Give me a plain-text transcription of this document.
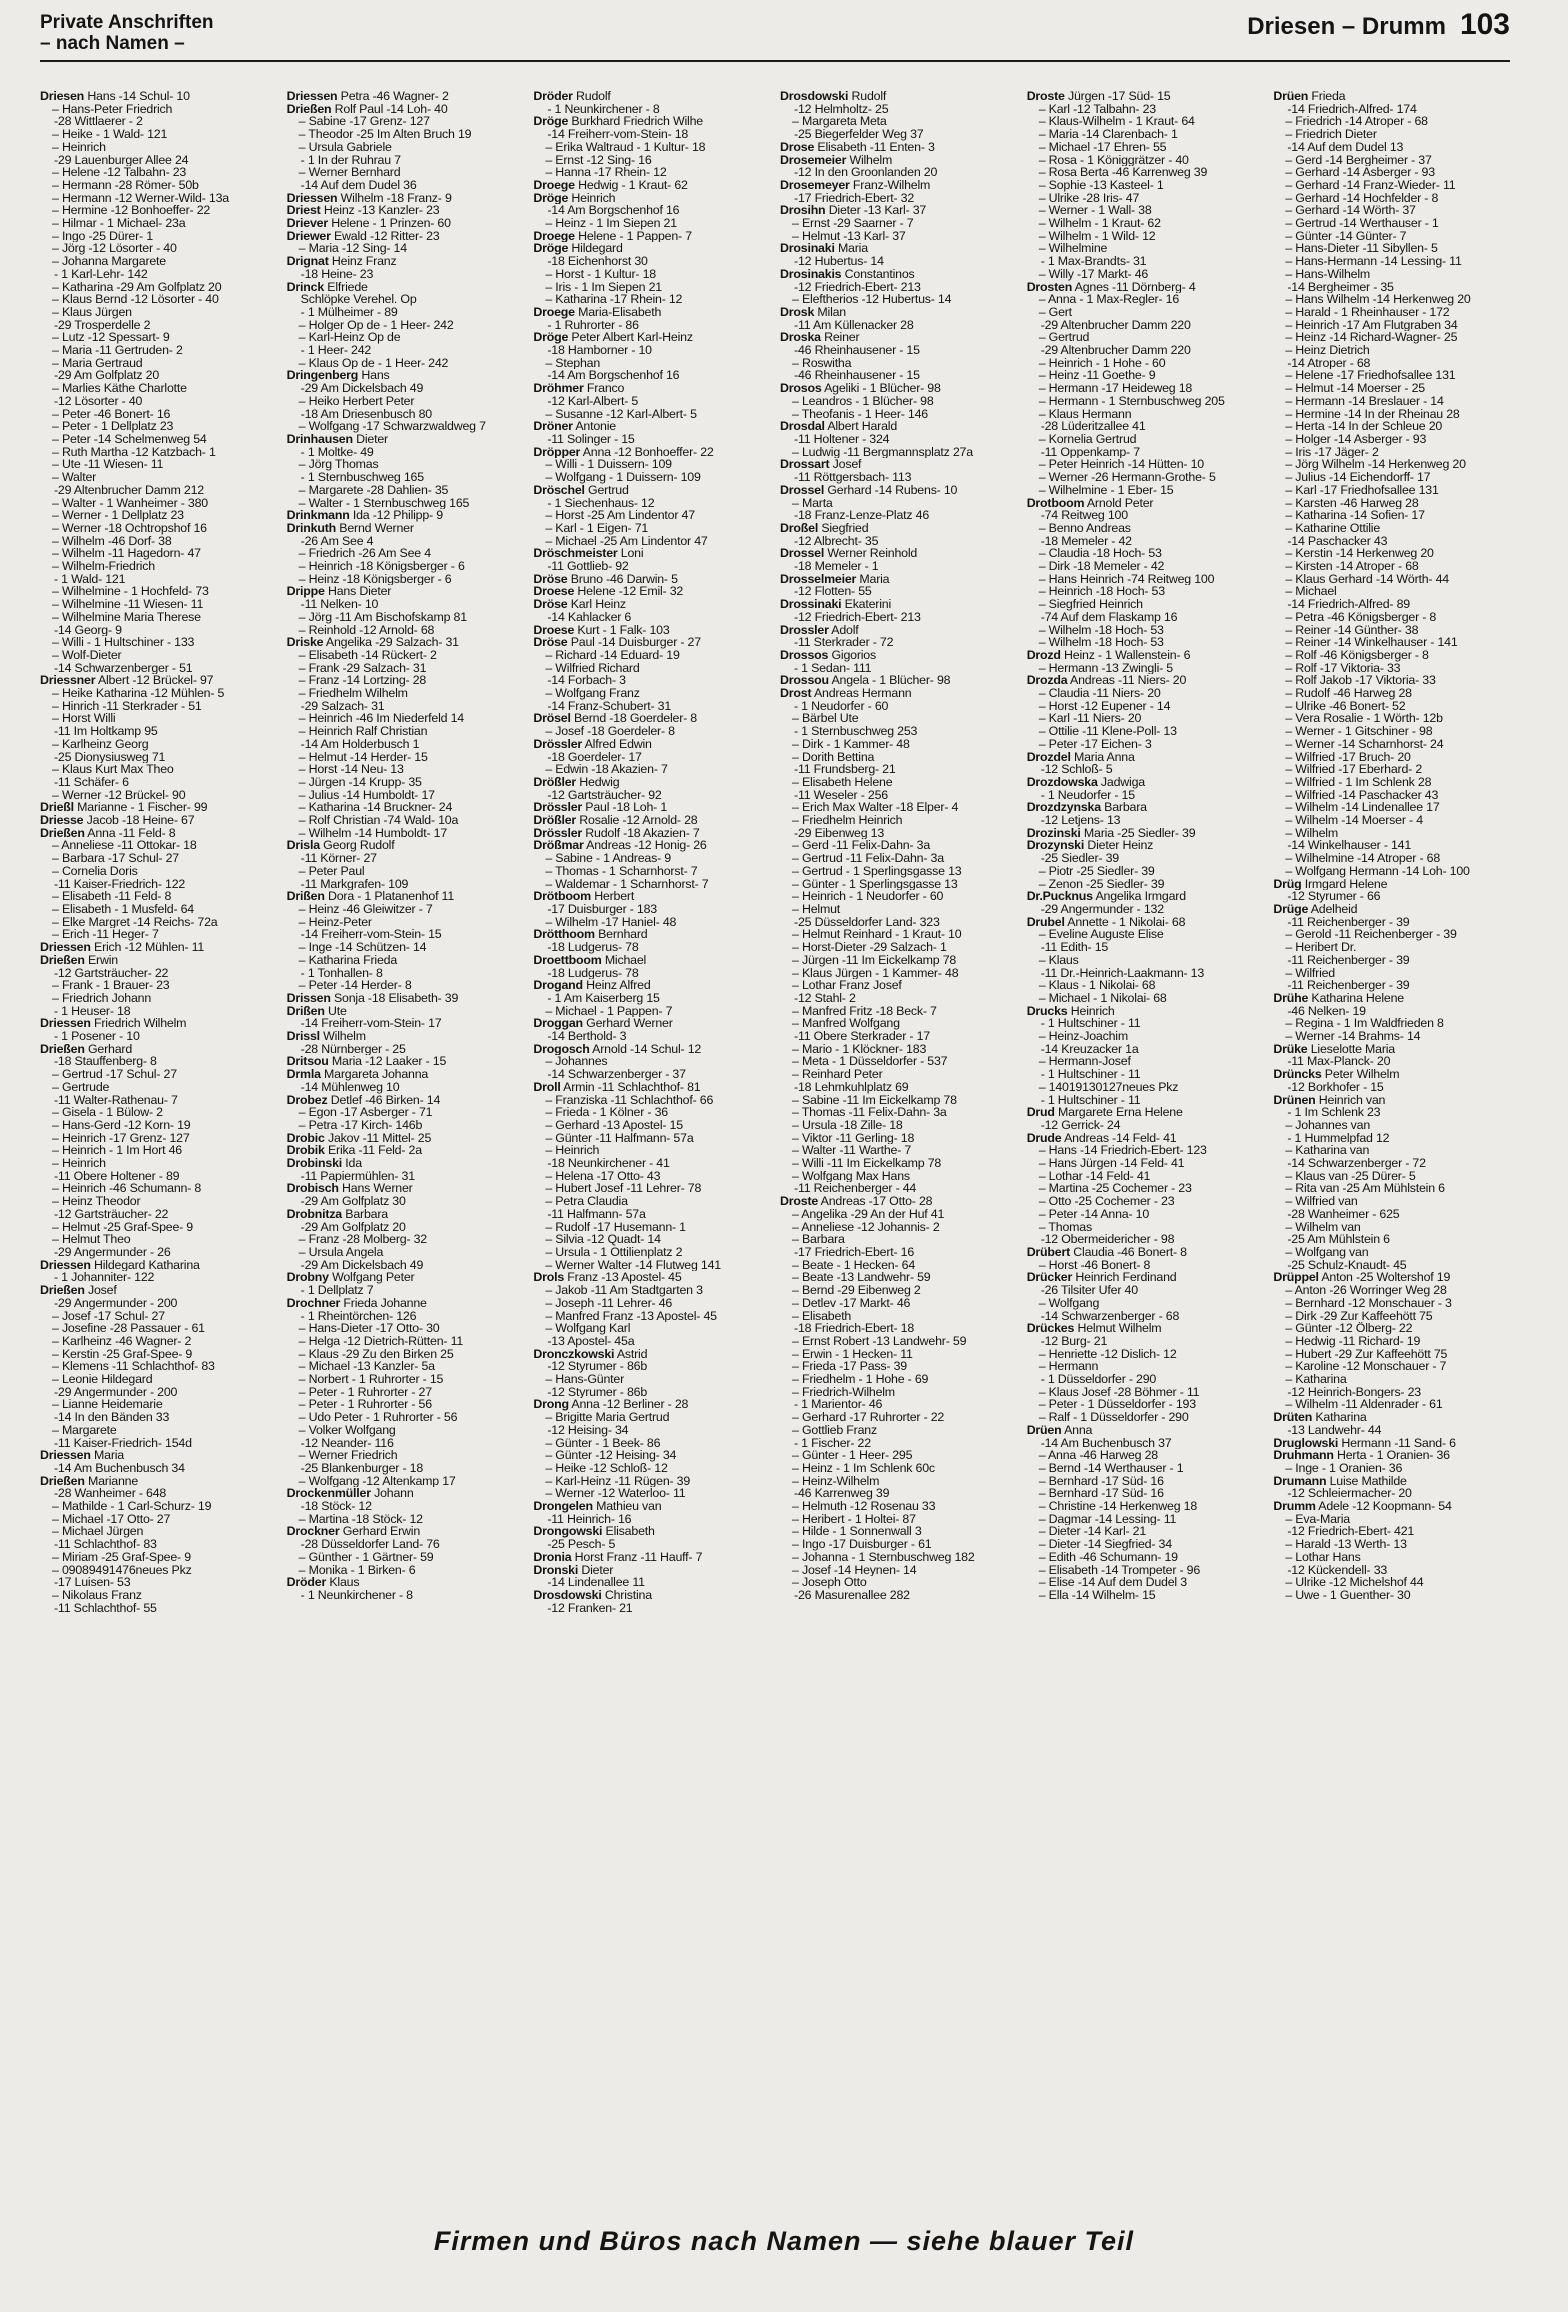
Private Anschriften
– nach Namen –
Driesen – Drumm 103
Driesen Hans -14 Schul- 10
– Hans-Peter Friedrich
-28 Wittlaerer - 2
– Heike - 1 Wald- 121
– Heinrich
-29 Lauenburger Allee 24
– Helene -12 Talbahn- 23
– Hermann -28 Römer- 50b
– Hermann -12 Werner-Wild- 13a
– Hermine -12 Bonhoeffer- 22
– Hilmar - 1 Michael- 23a
– Ingo -25 Dürer- 1
– Jörg -12 Lösorter - 40
– Johanna Margarete
- 1 Karl-Lehr- 142
– Katharina -29 Am Golfplatz 20
– Klaus Bernd -12 Lösorter - 40
– Klaus Jürgen
-29 Trosperdelle 2
– Lutz -12 Spessart- 9
– Maria -11 Gertruden- 2
– Maria Gertraud
-29 Am Golfplatz 20
– Marlies Käthe Charlotte
-12 Lösorter - 40
– Peter -46 Bonert- 16
– Peter - 1 Dellplatz 23
– Peter -14 Schelmenweg 54
– Ruth Martha -12 Katzbach- 1
– Ute -11 Wiesen- 11
– Walter
-29 Altenbrucher Damm 212
– Walter - 1 Wanheimer - 380
– Werner - 1 Dellplatz 23
– Werner -18 Ochtropshof 16
– Wilhelm -46 Dorf- 38
– Wilhelm -11 Hagedorn- 47
– Wilhelm-Friedrich
- 1 Wald- 121
– Wilhelmine - 1 Hochfeld- 73
– Wilhelmine -11 Wiesen- 11
– Wilhelmine Maria Therese
-14 Georg- 9
– Willi - 1 Hultschiner - 133
– Wolf-Dieter
-14 Schwarzenberger - 51
Driessner Albert -12 Brückel- 97
– Heike Katharina -12 Mühlen- 5
– Hinrich -11 Sterkrader - 51
– Horst Willi
-11 Im Holtkamp 95
– Karlheinz Georg
-25 Dionysiusweg 71
– Klaus Kurt Max Theo
-11 Schäfer- 6
– Werner -12 Brückel- 90
Drießl Marianne - 1 Fischer- 99
Driesse Jacob -18 Heine- 67
Drießen Anna -11 Feld- 8
– Anneliese -11 Ottokar- 18
– Barbara -17 Schul- 27
– Cornelia Doris
-11 Kaiser-Friedrich- 122
– Elisabeth -11 Feld- 8
– Elisabeth - 1 Musfeld- 64
– Elke Margret -14 Reichs- 72a
– Erich -11 Heger- 7
Driessen Erich -12 Mühlen- 11
Drießen Erwin
-12 Gartsträucher- 22
– Frank - 1 Brauer- 23
– Friedrich Johann
- 1 Heuser- 18
Driessen Friedrich Wilhelm
- 1 Posener - 10
Drießen Gerhard
-18 Stauffenberg- 8
– Gertrud -17 Schul- 27
– Gertrude
-11 Walter-Rathenau- 7
– Gisela - 1 Bülow- 2
– Hans-Gerd -12 Korn- 19
– Heinrich -17 Grenz- 127
– Heinrich - 1 Im Hort 46
– Heinrich
-11 Obere Holtener - 89
– Heinrich -46 Schumann- 8
– Heinz Theodor
-12 Gartsträucher- 22
– Helmut -25 Graf-Spee- 9
– Helmut Theo
-29 Angermunder - 26
Driessen Hildegard Katharina
- 1 Johanniter- 122
Drießen Josef
-29 Angermunder - 200
– Josef -17 Schul- 27
– Josefine -28 Passauer - 61
– Karlheinz -46 Wagner- 2
– Kerstin -25 Graf-Spee- 9
– Klemens -11 Schlachthof- 83
– Leonie Hildegard
-29 Angermunder - 200
– Lianne Heidemarie
-14 In den Bänden 33
– Margarete
-11 Kaiser-Friedrich- 154d
Driessen Maria
-14 Am Buchenbusch 34
Drießen Marianne
-28 Wanheimer - 648
– Mathilde - 1 Carl-Schurz- 19
– Michael -17 Otto- 27
– Michael Jürgen
-11 Schlachthof- 83
– Miriam -25 Graf-Spee- 9
– 09089491476neues Pkz
-17 Luisen- 53
– Nikolaus Franz
-11 Schlachthof- 55
Driessen Petra -46 Wagner- 2
Drießen Rolf Paul -14 Loh- 40
– Sabine -17 Grenz- 127
– Theodor -25 Im Alten Bruch 19
– Ursula Gabriele
- 1 In der Ruhrau 7
– Werner Bernhard
-14 Auf dem Dudel 36
Driessen Wilhelm -18 Franz- 9
Driest Heinz -13 Kanzler- 23
Driever Helene - 1 Prinzen- 60
Driewer Ewald -12 Ritter- 23
– Maria -12 Sing- 14
Drignat Heinz Franz
-18 Heine- 23
Drinck Elfriede
Schlöpke Verehel. Op
- 1 Mülheimer - 89
– Holger Op de - 1 Heer- 242
– Karl-Heinz Op de
- 1 Heer- 242
– Klaus Op de - 1 Heer- 242
Dringenberg Hans
-29 Am Dickelsbach 49
– Heiko Herbert Peter
-18 Am Driesenbusch 80
– Wolfgang -17 Schwarzwaldweg 7
Drinhausen Dieter
- 1 Moltke- 49
– Jörg Thomas
- 1 Sternbuschweg 165
– Margarete -28 Dahlien- 35
– Walter - 1 Sternbuschweg 165
Drinkmann Ida -12 Philipp- 9
Drinkuth Bernd Werner
-26 Am See 4
– Friedrich -26 Am See 4
– Heinrich -18 Königsberger - 6
– Heinz -18 Königsberger - 6
Drippe Hans Dieter
-11 Nelken- 10
– Jörg -11 Am Bischofskamp 81
– Reinhold -12 Arnold- 68
Driske Angelika -29 Salzach- 31
– Elisabeth -14 Rückert- 2
– Frank -29 Salzach- 31
– Franz -14 Lortzing- 28
– Friedhelm Wilhelm
-29 Salzach- 31
– Heinrich -46 Im Niederfeld 14
– Heinrich Ralf Christian
-14 Am Holderbusch 1
– Helmut -14 Herder- 15
– Horst -14 Neu- 13
– Jürgen -14 Krupp- 35
– Julius -14 Humboldt- 17
– Katharina -14 Bruckner- 24
– Rolf Christian -74 Wald- 10a
– Wilhelm -14 Humboldt- 17
Drisla Georg Rudolf
-11 Körner- 27
– Peter Paul
-11 Markgrafen- 109
Drißen Dora - 1 Platanenhof 11
– Heinz -46 Gleiwitzer - 7
– Heinz-Peter
-14 Freiherr-vom-Stein- 15
– Inge -14 Schützen- 14
– Katharina Frieda
- 1 Tonhallen- 8
– Peter -14 Herder- 8
Drissen Sonja -18 Elisabeth- 39
Drißen Ute
-14 Freiherr-vom-Stein- 17
Drissl Wilhelm
-28 Nürnberger - 25
Dritsou Maria -12 Laaker - 15
Drmla Margareta Johanna
-14 Mühlenweg 10
Drobez Detlef -46 Birken- 14
– Egon -17 Asberger - 71
– Petra -17 Kirch- 146b
Drobic Jakov -11 Mittel- 25
Drobik Erika -11 Feld- 2a
Drobinski Ida
-11 Papiermühlen- 31
Drobisch Hans Werner
-29 Am Golfplatz 30
Drobnitza Barbara
-29 Am Golfplatz 20
– Franz -28 Molberg- 32
– Ursula Angela
-29 Am Dickelsbach 49
Drobny Wolfgang Peter
- 1 Dellplatz 7
Drochner Frieda Johanne
- 1 Rheintörchen- 126
– Hans-Dieter -17 Otto- 30
– Helga -12 Dietrich-Rütten- 11
– Klaus -29 Zu den Birken 25
– Michael -13 Kanzler- 5a
– Norbert - 1 Ruhrorter - 15
– Peter - 1 Ruhrorter - 27
– Peter - 1 Ruhrorter - 56
– Udo Peter - 1 Ruhrorter - 56
– Volker Wolfgang
-12 Neander- 116
– Werner Friedrich
-25 Blankenburger - 18
– Wolfgang -12 Altenkamp 17
Drockenmüller Johann
-18 Stöck- 12
– Martina -18 Stöck- 12
Drockner Gerhard Erwin
-28 Düsseldorfer Land- 76
– Günther - 1 Gärtner- 59
– Monika - 1 Birken- 6
Dröder Klaus
- 1 Neunkirchener - 8
Dröder Rudolf
- 1 Neunkirchener - 8
Dröge Burkhard Friedrich Wilhe
-14 Freiherr-vom-Stein- 18
– Erika Waltraud - 1 Kultur- 18
– Ernst -12 Sing- 16
– Hanna -17 Rhein- 12
Droege Hedwig - 1 Kraut- 62
Dröge Heinrich
-14 Am Borgschenhof 16
– Heinz - 1 Im Siepen 21
Droege Helene - 1 Pappen- 7
Dröge Hildegard
-18 Eichenhorst 30
– Horst - 1 Kultur- 18
– Iris - 1 Im Siepen 21
– Katharina -17 Rhein- 12
Droege Maria-Elisabeth
- 1 Ruhrorter - 86
Dröge Peter Albert Karl-Heinz
-18 Hamborner - 10
– Stephan
-14 Am Borgschenhof 16
Dröhmer Franco
-12 Karl-Albert- 5
– Susanne -12 Karl-Albert- 5
Dröner Antonie
-11 Solinger - 15
Dröpper Anna -12 Bonhoeffer- 22
– Willi - 1 Duissern- 109
– Wolfgang - 1 Duissern- 109
Dröschel Gertrud
- 1 Siechenhaus- 12
– Horst -25 Am Lindentor 47
– Karl - 1 Eigen- 71
– Michael -25 Am Lindentor 47
Dröschmeister Loni
-11 Gottlieb- 92
Dröse Bruno -46 Darwin- 5
Droese Helene -12 Emil- 32
Dröse Karl Heinz
-14 Kahlacker 6
Droese Kurt - 1 Falk- 103
Dröse Paul -14 Duisburger - 27
– Richard -14 Eduard- 19
– Wilfried Richard
-14 Forbach- 3
– Wolfgang Franz
-14 Franz-Schubert- 31
Drösel Bernd -18 Goerdeler- 8
– Josef -18 Goerdeler- 8
Drössler Alfred Edwin
-18 Goerdeler- 17
– Edwin -18 Akazien- 7
Drößler Hedwig
-12 Gartsträucher- 92
Drössler Paul -18 Loh- 1
Drößler Rosalie -12 Arnold- 28
Drössler Rudolf -18 Akazien- 7
Drößmar Andreas -12 Honig- 26
– Sabine - 1 Andreas- 9
– Thomas - 1 Scharnhorst- 7
– Waldemar - 1 Scharnhorst- 7
Drötboom Herbert
-17 Duisburger - 183
– Wilhelm -17 Haniel- 48
Drötthoom Bernhard
-18 Ludgerus- 78
Droettboom Michael
-18 Ludgerus- 78
Drogand Heinz Alfred
- 1 Am Kaiserberg 15
– Michael - 1 Pappen- 7
Droggan Gerhard Werner
-14 Berthold- 3
Drogosch Arnold -14 Schul- 12
– Johannes
-14 Schwarzenberger - 37
Droll Armin -11 Schlachthof- 81
– Franziska -11 Schlachthof- 66
– Frieda - 1 Kölner - 36
– Gerhard -13 Apostel- 15
– Günter -11 Halfmann- 57a
– Heinrich
-18 Neunkirchener - 41
– Helena -17 Otto- 43
– Hubert Josef -11 Lehrer- 78
– Petra Claudia
-11 Halfmann- 57a
– Rudolf -17 Husemann- 1
– Silvia -12 Quadt- 14
– Ursula - 1 Ottilienplatz 2
– Werner Walter -14 Flutweg 141
Drols Franz -13 Apostel- 45
– Jakob -11 Am Stadtgarten 3
– Joseph -11 Lehrer- 46
– Manfred Franz -13 Apostel- 45
– Wolfgang Karl
-13 Apostel- 45a
Dronczkowski Astrid
-12 Styrumer - 86b
– Hans-Günter
-12 Styrumer - 86b
Drong Anna -12 Berliner - 28
– Brigitte Maria Gertrud
-12 Heising- 34
– Günter - 1 Beek- 86
– Günter -12 Heising- 34
– Heike -12 Schloß- 12
– Karl-Heinz -11 Rügen- 39
– Werner -12 Waterloo- 11
Drongelen Mathieu van
-11 Heinrich- 16
Drongowski Elisabeth
-25 Pesch- 5
Dronia Horst Franz -11 Hauff- 7
Dronski Dieter
-14 Lindenallee 11
Drosdowski Christina
-12 Franken- 21
Drosdowski Rudolf
-12 Helmholtz- 25
– Margareta Meta
-25 Biegerfelder Weg 37
Drose Elisabeth -11 Enten- 3
Drosemeier Wilhelm
-12 In den Groonlanden 20
Drosemeyer Franz-Wilhelm
-17 Friedrich-Ebert- 32
Drosihn Dieter -13 Karl- 37
– Ernst -29 Saarner - 7
– Helmut -13 Karl- 37
Drosinaki Maria
-12 Hubertus- 14
Drosinakis Constantinos
-12 Friedrich-Ebert- 213
– Eleftherios -12 Hubertus- 14
Drosk Milan
-11 Am Küllenacker 28
Droska Reiner
-46 Rheinhausener - 15
– Roswitha
-46 Rheinhausener - 15
Drosos Ageliki - 1 Blücher- 98
– Leandros - 1 Blücher- 98
– Theofanis - 1 Heer- 146
Drosdal Albert Harald
-11 Holtener - 324
– Ludwig -11 Bergmannsplatz 27a
Drossart Josef
-11 Röttgersbach- 113
Drossel Gerhard -14 Rubens- 10
– Marta
-18 Franz-Lenze-Platz 46
Droßel Siegfried
-12 Albrecht- 35
Drossel Werner Reinhold
-18 Memeler - 1
Drosselmeier Maria
-12 Flotten- 55
Drossinaki Ekaterini
-12 Friedrich-Ebert- 213
Drossler Adolf
-11 Sterkrader - 72
Drossos Gigorios
- 1 Sedan- 111
Drossou Angela - 1 Blücher- 98
Drost Andreas Hermann
- 1 Neudorfer - 60
– Bärbel Ute
- 1 Sternbuschweg 253
– Dirk - 1 Kammer- 48
– Dorith Bettina
-11 Frundsberg- 21
– Elisabeth Helene
-11 Weseler - 256
– Erich Max Walter -18 Elper- 4
– Friedhelm Heinrich
-29 Eibenweg 13
– Gerd -11 Felix-Dahn- 3a
– Gertrud -11 Felix-Dahn- 3a
– Gertrud - 1 Sperlingsgasse 13
– Günter - 1 Sperlingsgasse 13
– Heinrich - 1 Neudorfer - 60
– Helmut
-25 Düsseldorfer Land- 323
– Helmut Reinhard - 1 Kraut- 10
– Horst-Dieter -29 Salzach- 1
– Jürgen -11 Im Eickelkamp 78
– Klaus Jürgen - 1 Kammer- 48
– Lothar Franz Josef
-12 Stahl- 2
– Manfred Fritz -18 Beck- 7
– Manfred Wolfgang
-11 Obere Sterkrader - 17
– Mario - 1 Klöckner- 183
– Meta - 1 Düsseldorfer - 537
– Reinhard Peter
-18 Lehmkuhlplatz 69
– Sabine -11 Im Eickelkamp 78
– Thomas -11 Felix-Dahn- 3a
– Ursula -18 Zille- 18
– Viktor -11 Gerling- 18
– Walter -11 Warthe- 7
– Willi -11 Im Eickelkamp 78
– Wolfgang Max Hans
-11 Reichenberger - 44
Droste Andreas -17 Otto- 28
– Angelika -29 An der Huf 41
– Anneliese -12 Johannis- 2
– Barbara
-17 Friedrich-Ebert- 16
– Beate - 1 Hecken- 64
– Beate -13 Landwehr- 59
– Bernd -29 Eibenweg 2
– Detlev -17 Markt- 46
– Elisabeth
-18 Friedrich-Ebert- 18
– Ernst Robert -13 Landwehr- 59
– Erwin - 1 Hecken- 11
– Frieda -17 Pass- 39
– Friedhelm - 1 Hohe - 69
– Friedrich-Wilhelm
- 1 Marientor- 46
– Gerhard -17 Ruhrorter - 22
– Gottlieb Franz
- 1 Fischer- 22
– Günter - 1 Heer- 295
– Heinz - 1 Im Schlenk 60c
– Heinz-Wilhelm
-46 Karrenweg 39
– Helmuth -12 Rosenau 33
– Heribert - 1 Holtei- 87
– Hilde - 1 Sonnenwall 3
– Ingo -17 Duisburger - 61
– Johanna - 1 Sternbuschweg 182
– Josef -14 Heynen- 14
– Joseph Otto
-26 Masurenallee 282
Droste Jürgen -17 Süd- 15
– Karl -12 Talbahn- 23
– Klaus-Wilhelm - 1 Kraut- 64
– Maria -14 Clarenbach- 1
– Michael -17 Ehren- 55
– Rosa - 1 Königgrätzer - 40
– Rosa Berta -46 Karrenweg 39
– Sophie -13 Kasteel- 1
– Ulrike -28 Iris- 47
– Werner - 1 Wall- 38
– Wilhelm - 1 Kraut- 62
– Wilhelm - 1 Wild- 12
– Wilhelmine
- 1 Max-Brandts- 31
– Willy -17 Markt- 46
Drosten Agnes -11 Dörnberg- 4
– Anna - 1 Max-Regler- 16
– Gert
-29 Altenbrucher Damm 220
– Gertrud
-29 Altenbrucher Damm 220
– Heinrich - 1 Hohe - 60
– Heinz -11 Goethe- 9
– Hermann -17 Heideweg 18
– Hermann - 1 Sternbuschweg 205
– Klaus Hermann
-28 Lüderitzallee 41
– Kornelia Gertrud
-11 Oppenkamp- 7
– Peter Heinrich -14 Hütten- 10
– Werner -26 Hermann-Grothe- 5
– Wilhelmine - 1 Eber- 15
Drotboom Arnold Peter
-74 Reitweg 100
– Benno Andreas
-18 Memeler - 42
– Claudia -18 Hoch- 53
– Dirk -18 Memeler - 42
– Hans Heinrich -74 Reitweg 100
– Heinrich -18 Hoch- 53
– Siegfried Heinrich
-74 Auf dem Flaskamp 16
– Wilhelm -18 Hoch- 53
– Wilhelm -18 Hoch- 53
Drozd Heinz - 1 Wallenstein- 6
– Hermann -13 Zwingli- 5
Drozda Andreas -11 Niers- 20
– Claudia -11 Niers- 20
– Horst -12 Eupener - 14
– Karl -11 Niers- 20
– Ottilie -11 Klene-Poll- 13
– Peter -17 Eichen- 3
Drozdel Maria Anna
-12 Schloß- 5
Drozdowska Jadwiga
- 1 Neudorfer - 15
Drozdzynska Barbara
-12 Letjens- 13
Drozinski Maria -25 Siedler- 39
Drozynski Dieter Heinz
-25 Siedler- 39
– Piotr -25 Siedler- 39
– Zenon -25 Siedler- 39
Dr.Pucknus Angelika Irmgard
-29 Angermunder - 132
Drubel Annette - 1 Nikolai- 68
– Eveline Auguste Elise
-11 Edith- 15
– Klaus
-11 Dr.-Heinrich-Laakmann- 13
– Klaus - 1 Nikolai- 68
– Michael - 1 Nikolai- 68
Drucks Heinrich
- 1 Hultschiner - 11
– Heinz-Joachim
-14 Kreuzacker 1a
– Hermann-Josef
- 1 Hultschiner - 11
– 14019130127neues Pkz
- 1 Hultschiner - 11
Drud Margarete Erna Helene
-12 Gerrick- 24
Drude Andreas -14 Feld- 41
– Hans -14 Friedrich-Ebert- 123
– Hans Jürgen -14 Feld- 41
– Lothar -14 Feld- 41
– Martina -25 Cochemer - 23
– Otto -25 Cochemer - 23
– Peter -14 Anna- 10
– Thomas
-12 Obermeidericher - 98
Drübert Claudia -46 Bonert- 8
– Horst -46 Bonert- 8
Drücker Heinrich Ferdinand
-26 Tilsiter Ufer 40
– Wolfgang
-14 Schwarzenberger - 68
Drückes Helmut Wilhelm
-12 Burg- 21
– Henriette -12 Dislich- 12
– Hermann
- 1 Düsseldorfer - 290
– Klaus Josef -28 Böhmer - 11
– Peter - 1 Düsseldorfer - 193
– Ralf - 1 Düsseldorfer - 290
Drüen Anna
-14 Am Buchenbusch 37
– Anna -46 Harweg 28
– Bernd -14 Werthauser - 1
– Bernhard -17 Süd- 16
– Bernhard -17 Süd- 16
– Christine -14 Herkenweg 18
– Dagmar -14 Lessing- 11
– Dieter -14 Karl- 21
– Dieter -14 Siegfried- 34
– Edith -46 Schumann- 19
– Elisabeth -14 Trompeter - 96
– Elise -14 Auf dem Dudel 3
– Ella -14 Wilhelm- 15
Drüen Frieda
-14 Friedrich-Alfred- 174
– Friedrich -14 Atroper - 68
– Friedrich Dieter
-14 Auf dem Dudel 13
– Gerd -14 Bergheimer - 37
– Gerhard -14 Asberger - 93
– Gerhard -14 Franz-Wieder- 11
– Gerhard -14 Hochfelder - 8
– Gerhard -14 Wörth- 37
– Gertrud -14 Werthauser - 1
– Günter -14 Günter- 7
– Hans-Dieter -11 Sibyllen- 5
– Hans-Hermann -14 Lessing- 11
– Hans-Wilhelm
-14 Bergheimer - 35
– Hans Wilhelm -14 Herkenweg 20
– Harald - 1 Rheinhauser - 172
– Heinrich -17 Am Flutgraben 34
– Heinz -14 Richard-Wagner- 25
– Heinz Dietrich
-14 Atroper - 68
– Helene -17 Friedhofsallee 131
– Helmut -14 Moerser - 25
– Hermann -14 Breslauer - 14
– Hermine -14 In der Rheinau 28
– Herta -14 In der Schleue 20
– Holger -14 Asberger - 93
– Iris -17 Jäger- 2
– Jörg Wilhelm -14 Herkenweg 20
– Julius -14 Eichendorff- 17
– Karl -17 Friedhofsallee 131
– Karsten -46 Harweg 28
– Katharina -14 Sofien- 17
– Katharine Ottilie
-14 Paschacker 43
– Kerstin -14 Herkenweg 20
– Kirsten -14 Atroper - 68
– Klaus Gerhard -14 Wörth- 44
– Michael
-14 Friedrich-Alfred- 89
– Petra -46 Königsberger - 8
– Reiner -14 Günther- 38
– Reiner -14 Winkelhauser - 141
– Rolf -46 Königsberger - 8
– Rolf -17 Viktoria- 33
– Rolf Jakob -17 Viktoria- 33
– Rudolf -46 Harweg 28
– Ulrike -46 Bonert- 52
– Vera Rosalie - 1 Wörth- 12b
– Werner - 1 Gitschiner - 98
– Werner -14 Scharnhorst- 24
– Wilfried -17 Bruch- 20
– Wilfried -17 Eberhard- 2
– Wilfried - 1 Im Schlenk 28
– Wilfried -14 Paschacker 43
– Wilhelm -14 Lindenallee 17
– Wilhelm -14 Moerser - 4
– Wilhelm
-14 Winkelhauser - 141
– Wilhelmine -14 Atroper - 68
– Wolfgang Hermann -14 Loh- 100
Drüg Irmgard Helene
-12 Styrumer - 66
Drüge Adelheid
-11 Reichenberger - 39
– Gerold -11 Reichenberger - 39
– Heribert Dr.
-11 Reichenberger - 39
– Wilfried
-11 Reichenberger - 39
Drühe Katharina Helene
-46 Nelken- 19
– Regina - 1 Im Waldfrieden 8
– Werner -14 Brahms- 14
Drüke Lieselotte Maria
-11 Max-Planck- 20
Drüncks Peter Wilhelm
-12 Borkhofer - 15
Drünen Heinrich van
- 1 Im Schlenk 23
– Johannes van
- 1 Hummelpfad 12
– Katharina van
-14 Schwarzenberger - 72
– Klaus van -25 Dürer- 5
– Rita van -25 Am Mühlstein 6
– Wilfried van
-28 Wanheimer - 625
– Wilhelm van
-25 Am Mühlstein 6
– Wolfgang van
-25 Schulz-Knaudt- 45
Drüppel Anton -25 Woltershof 19
– Anton -26 Worringer Weg 28
– Bernhard -12 Monschauer - 3
– Dirk -29 Zur Kaffeehött 75
– Günter -12 Ölberg- 22
– Hedwig -11 Richard- 19
– Hubert -29 Zur Kaffeehött 75
– Karoline -12 Monschauer - 7
– Katharina
-12 Heinrich-Bongers- 23
– Wilhelm -11 Aldenrader - 61
Drüten Katharina
-13 Landwehr- 44
Druglowski Hermann -11 Sand- 6
Druhmann Herta - 1 Oranien- 36
– Inge - 1 Oranien- 36
Drumann Luise Mathilde
-12 Schleiermacher- 20
Drumm Adele -12 Koopmann- 54
– Eva-Maria
-12 Friedrich-Ebert- 421
– Harald -13 Werth- 13
– Lothar Hans
-12 Kückendell- 33
– Ulrike -12 Michelshof 44
– Uwe - 1 Guenther- 30
Firmen und Büros nach Namen — siehe blauer Teil
